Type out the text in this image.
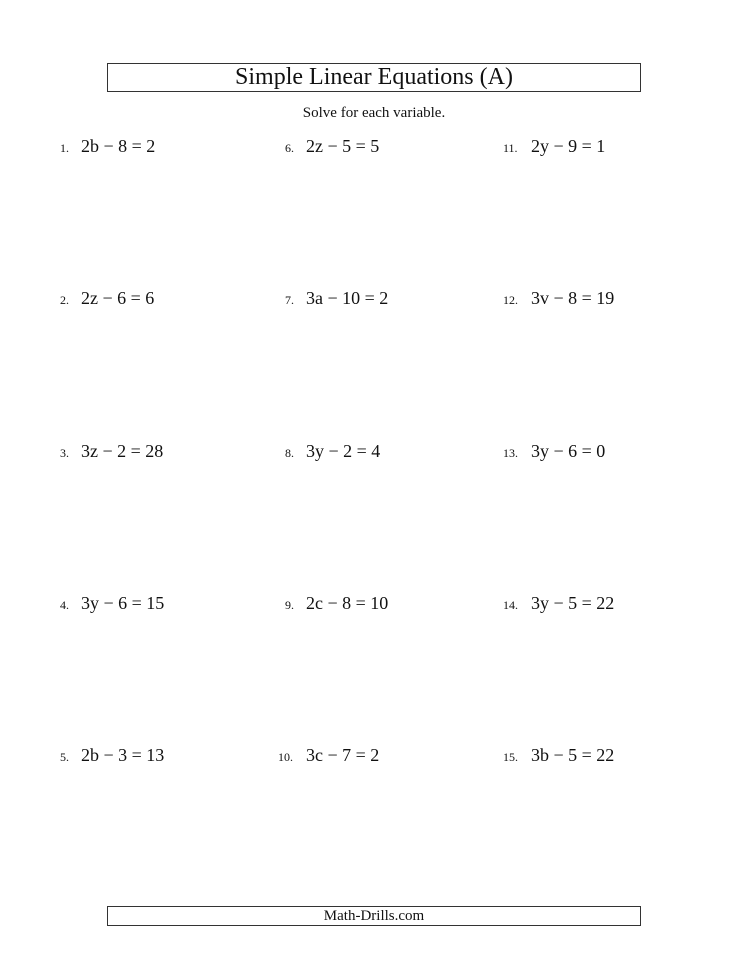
Simple Linear Equations (A)
Solve for each variable.
1. 2b − 8 = 2
2. 2z − 6 = 6
3. 3z − 2 = 28
4. 3y − 6 = 15
5. 2b − 3 = 13
6. 2z − 5 = 5
7. 3a − 10 = 2
8. 3y − 2 = 4
9. 2c − 8 = 10
10. 3c − 7 = 2
11. 2y − 9 = 1
12. 3v − 8 = 19
13. 3y − 6 = 0
14. 3y − 5 = 22
15. 3b − 5 = 22
Math-Drills.com
